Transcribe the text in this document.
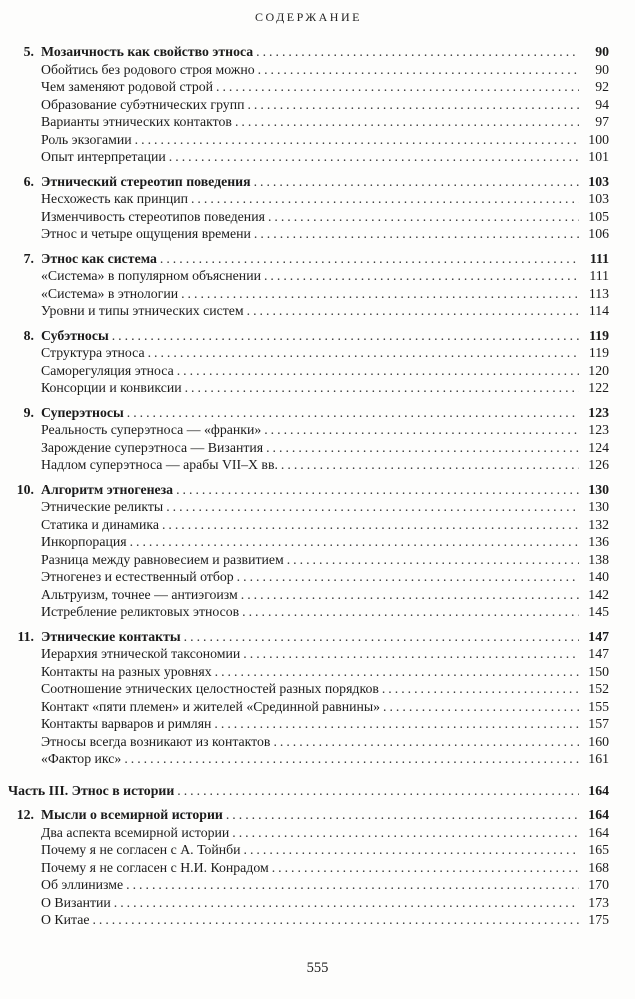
СОДЕРЖАНИЕ
5. Мозаичность как свойство этноса .....	90
Обойтись без родового строя можно .....	90
Чем заменяют родовой строй .....	92
Образование субэтнических групп .....	94
Варианты этнических контактов .....	97
Роль экзогамии .....	100
Опыт интерпретации .....	101
6. Этнический стереотип поведения .....	103
Несхожесть как принцип .....	103
Изменчивость стереотипов поведения .....	105
Этнос и четыре ощущения времени .....	106
7. Этнос как система .....	111
«Система» в популярном объяснении .....	111
«Система» в этнологии .....	113
Уровни и типы этнических систем .....	114
8. Субэтносы .....	119
Структура этноса .....	119
Саморегуляция этноса .....	120
Консорции и конвиксии .....	122
9. Суперэтносы .....	123
Реальность суперэтноса — «франки» .....	123
Зарождение суперэтноса — Византия .....	124
Надлом суперэтноса — арабы VII–X вв. .....	126
10. Алгоритм этногенеза .....	130
Этнические реликты .....	130
Статика и динамика .....	132
Инкорпорация .....	136
Разница между равновесием и развитием .....	138
Этногенез и естественный отбор .....	140
Альтруизм, точнее — антиэгоизм .....	142
Истребление реликтовых этносов .....	145
11. Этнические контакты .....	147
Иерархия этнической таксономии .....	147
Контакты на разных уровнях .....	150
Соотношение этнических целостностей разных порядков .....	152
Контакт «пяти племен» и жителей «Срединной равнины» .....	155
Контакты варваров и римлян .....	157
Этносы всегда возникают из контактов .....	160
«Фактор икс» .....	161
Часть III. Этнос в истории .....	164
12. Мысли о всемирной истории .....	164
Два аспекта всемирной истории .....	164
Почему я не согласен с А. Тойнби .....	165
Почему я не согласен с Н.И. Конрадом .....	168
Об эллинизме .....	170
О Византии .....	173
О Китае .....	175
555
